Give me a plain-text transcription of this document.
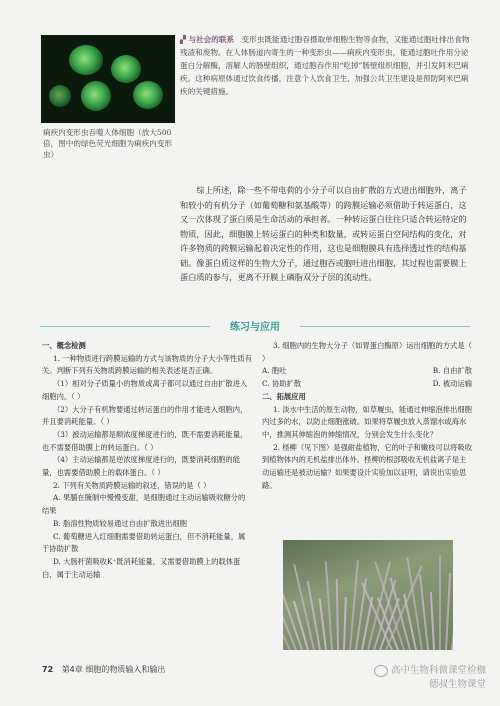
痢疾内变形虫吞噬人体细胞（放大500倍，图中的绿色荧光细胞为痢疾内变形虫）
▞ 与社会的联系　 变形虫既能通过胞吞摄取单细胞生物等食物，又能通过胞吐排出食物残渣和废物。在人体肠道内寄生的一种变形虫——痢疾内变形虫，能通过胞吐作用分泌蛋白分解酶，溶解人的肠壁组织，通过胞吞作用“吃掉”肠壁组织细胞，并引发阿米巴痢疾。这种病原体通过饮食传播，注意个人饮食卫生、加强公共卫生建设是预防阿米巴痢疾的关键措施。
综上所述，除一些不带电荷的小分子可以自由扩散的方式进出细胞外，离子和较小的有机分子（如葡萄糖和氨基酸等）的跨膜运输必须借助于转运蛋白，这又一次体现了蛋白质是生命活动的承担者。一种转运蛋白往往只适合转运特定的物质，因此，细胞膜上转运蛋白的种类和数量，或转运蛋白空间结构的变化，对许多物质的跨膜运输起着决定性的作用，这也是细胞膜具有选择透过性的结构基础。像蛋白质这样的生物大分子，通过胞吞或胞吐进出细胞，其过程也需要膜上蛋白质的参与，更离不开膜上磷脂双分子层的流动性。
练习与应用
一、概念检测
1. 一种物质进行跨膜运输的方式与该物质的分子大小等性质有关。判断下列有关物质跨膜运输的相关表述是否正确。
（1）相对分子质量小的物质或离子都可以通过自由扩散进入细胞内。（ ）
（2）大分子有机物要通过转运蛋白的作用才能进入细胞内，并且要消耗能量。（ ）
（3）被动运输都是顺浓度梯度进行的，既不需要消耗能量，也不需要借助膜上的转运蛋白。（ ）
（4）主动运输都是逆浓度梯度进行的，既要消耗细胞的能量，也需要借助膜上的载体蛋白。（ ）
2. 下列有关物质跨膜运输的叙述，错误的是（ ）
A. 果脯在腌制中慢慢变甜，是细胞通过主动运输吸收糖分的结果
B. 脂溶性物质较易通过自由扩散进出细胞
C. 葡萄糖进入红细胞需要借助转运蛋白，但不消耗能量，属于协助扩散
D. 大肠杆菌吸收K⁺既消耗能量，又需要借助膜上的载体蛋白，属于主动运输
3. 细胞内的生物大分子（如胃蛋白酶原）运出细胞的方式是（ ）
A. 胞吐	B. 自由扩散
C. 协助扩散	D. 被动运输
二、拓展应用
1. 淡水中生活的原生动物，如草履虫，能通过伸缩泡排出细胞内过多的水，以防止细胞涨破。如果将草履虫放入蒸馏水或海水中，推测其伸缩泡的伸缩情况，分别会发生什么变化？
2. 柽柳（见下图）是强耐盐植物，它的叶子和嫩枝可以将吸收到植物体内的无机盐排出体外。柽柳的根部吸收无机盐离子是主动运输还是被动运输？如果要设计实验加以证明，请说出实验思路。
72 第4章 细胞的物质输入和输出	高中生物科微课堂检枷
德叔生物课堂
